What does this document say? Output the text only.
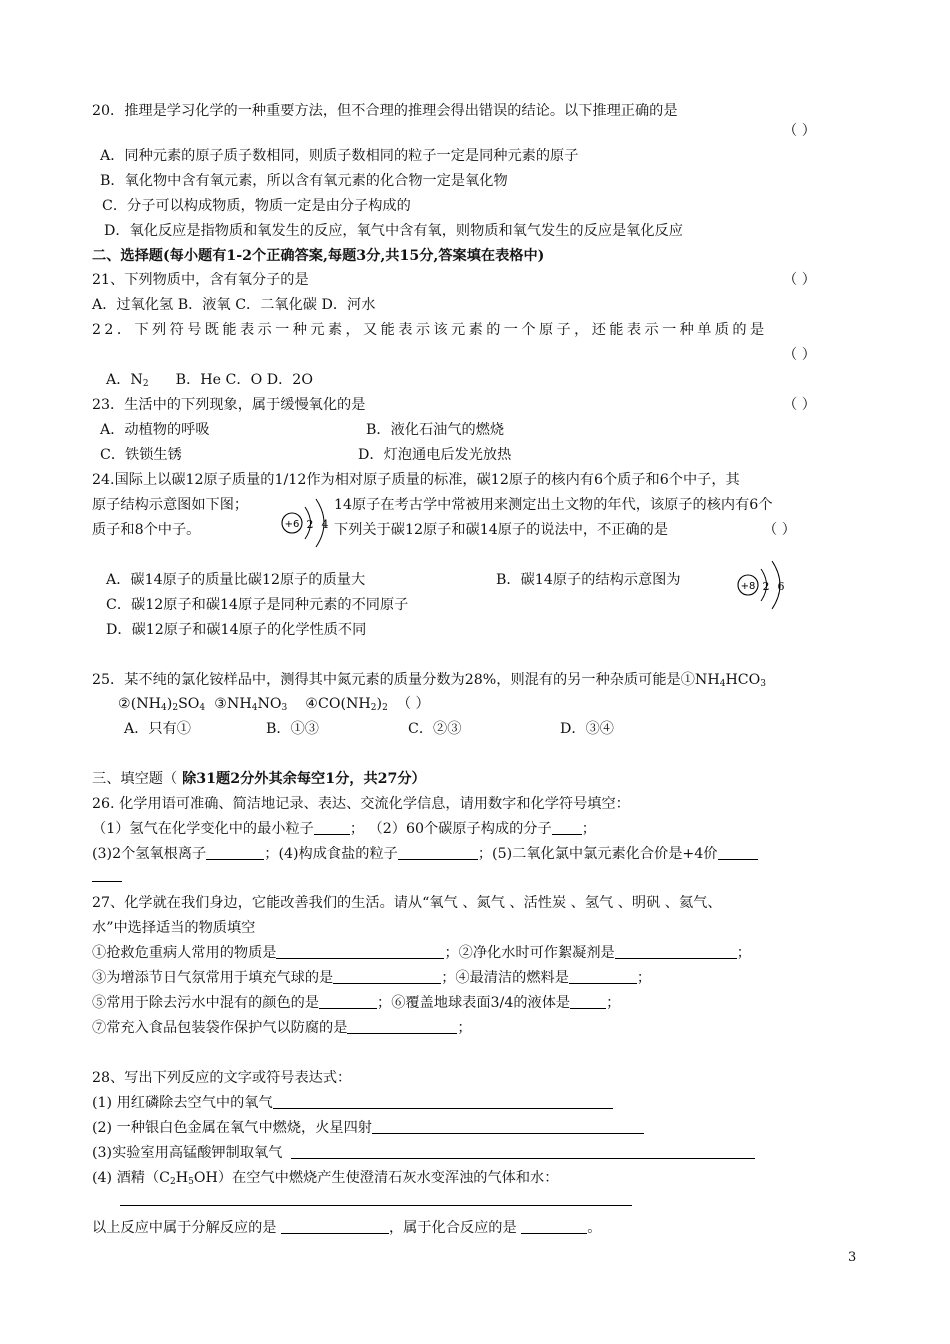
20．推理是学习化学的一种重要方法，但不合理的推理会得出错误的结论。以下推理正确的是
（ ）
A．同种元素的原子质子数相同，则质子数相同的粒子一定是同种元素的原子
B．氧化物中含有氧元素，所以含有氧元素的化合物一定是氧化物
C．分子可以构成物质，物质一定是由分子构成的
D．氧化反应是指物质和氧发生的反应，氧气中含有氧，则物质和氧气发生的反应是氧化反应
二、选择题(每小题有1-2个正确答案,每题3分,共15分,答案填在表格中)
21、下列物质中，含有氧分子的是	（ ）
A．过氧化氢 B．液氧 C．二氧化碳 D．河水
22．下列符号既能表示一种元素，又能表示该元素的一个原子，还能表示一种单质的是
（ ）
A．$N_2$ B．He C．O D．2O
23．生活中的下列现象，属于缓慢氧化的是	（ ）
A．动植物的呼吸	B．液化石油气的燃烧
C．铁锁生锈	D．灯泡通电后发光放热
24.国际上以碳12原子质量的1/12作为相对原子质量的标准，碳12原子的核内有6个质子和6个中子，其
原子结构示意图如下图；	14原子在考古学中常被用来测定出土文物的年代，该原子的核内有6个
质子和8个中子。	下列关于碳12原子和碳14原子的说法中，不正确的是	（ ）
+6 2 4
A．碳14原子的质量比碳12原子的质量大	B．碳14原子的结构示意图为	+8 2 6
C．碳12原子和碳14原子是同种元素的不同原子
D．碳12原子和碳14原子的化学性质不同
25．某不纯的氯化铵样品中，测得其中氮元素的质量分数为28%，则混有的另一种杂质可能是$①NH_4HCO_3$
$②(NH_4)_2SO_4$ $③NH_4NO_3$ $④CO(NH_2)_2$ （ ）
A．只有①	B．①③	C．②③	D．③④
三、填空题（ 除31题2分外其余每空1分，共27分）
26. 化学用语可准确、简洁地记录、表达、交流化学信息，请用数字和化学符号填空：
（1）氢气在化学变化中的最小粒子	； （2）60个碳原子构成的分子 ；
(3)2个氢氧根离子	；(4)构成食盐的粒子	；(5)二氧化氯中氯元素化合价是+4价
27、化学就在我们身边，它能改善我们的生活。请从“氧气 、氮气 、活性炭 、氢气 、明矾 、氦气、
水”中选择适当的物质填空
①抢救危重病人常用的物质是	；②净化水时可作絮凝剂是	；
③为增添节日气氛常用于填充气球的是	；④最清洁的燃料是	；
⑤常用于除去污水中混有的颜色的是	；⑥覆盖地球表面3/4的液体是	；
⑦常充入食品包装袋作保护气以防腐的是	；
28、写出下列反应的文字或符号表达式：
(1) 用红磷除去空气中的氧气
(2) 一种银白色金属在氧气中燃烧，火星四射
(3)实验室用高锰酸钾制取氧气
(4) 酒精$(C_2H_5OH)$在空气中燃烧产生使澄清石灰水变浑浊的气体和水：
以上反应中属于分解反应的是	，属于化合反应的是	。
3
